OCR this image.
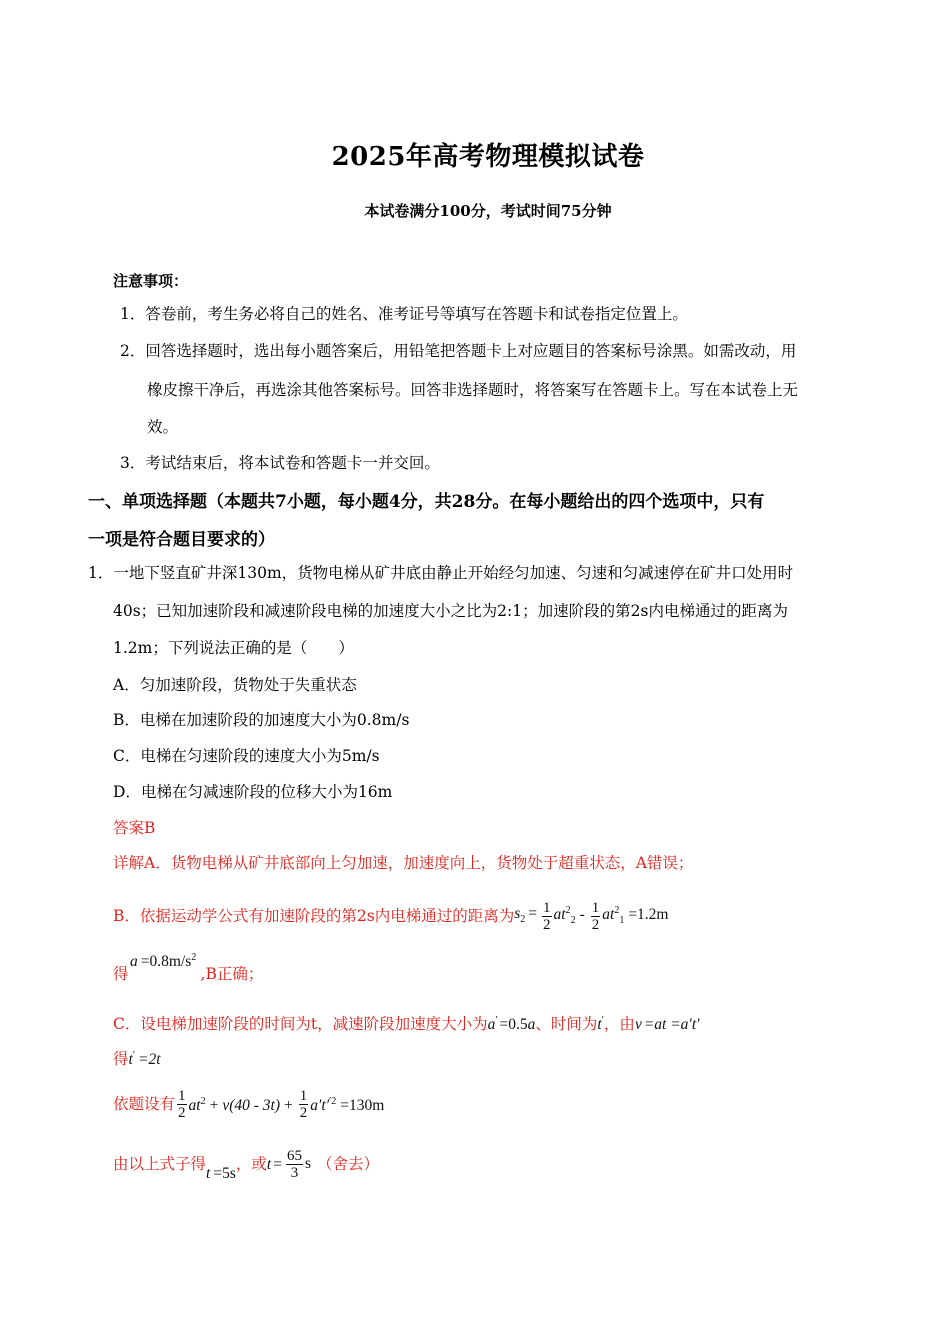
2025年高考物理模拟试卷
本试卷满分100分，考试时间75分钟
注意事项：
1．答卷前，考生务必将自己的姓名、准考证号等填写在答题卡和试卷指定位置上。
2．回答选择题时，选出每小题答案后，用铅笔把答题卡上对应题目的答案标号涂黑。如需改动，用
橡皮擦干净后，再选涂其他答案标号。回答非选择题时，将答案写在答题卡上。写在本试卷上无
效。
3．考试结束后，将本试卷和答题卡一并交回。
一、单项选择题（本题共7小题，每小题4分，共28分。在每小题给出的四个选项中，只有
一项是符合题目要求的）
1．一地下竖直矿井深130m，货物电梯从矿井底由静止开始经匀加速、匀速和匀减速停在矿井口处用时
40s；已知加速阶段和减速阶段电梯的加速度大小之比为2:1；加速阶段的第2s内电梯通过的距离为
1.2m；下列说法正确的是（　　）
A．匀加速阶段，货物处于失重状态
B．电梯在加速阶段的加速度大小为0.8m/s
C．电梯在匀速阶段的速度大小为5m/s
D．电梯在匀减速阶段的位移大小为16m
答案B
详解A．货物电梯从矿井底部向上匀加速，加速度向上，货物处于超重状态，A错误；
B．依据运动学公式有加速阶段的第2s内电梯通过的距离为$s_2 = \frac{1}{2} at^2_2 - \frac{1}{2} at^2_1 =1.2m$
$a =0.8m/s^2$
得	,B正确；
C．设电梯加速阶段的时间为t，减速阶段加速度大小为a′ =0.5a、时间为t′，由v =at =a′t′
得t′ =2t
依题设有 $\frac{1}{2} at^2 + v(40 - 3t) + \frac{1}{2} a't'^{'2} =130m$
由以上式子得t =5s，或$t = \frac{65}{3}$ s （舍去）
